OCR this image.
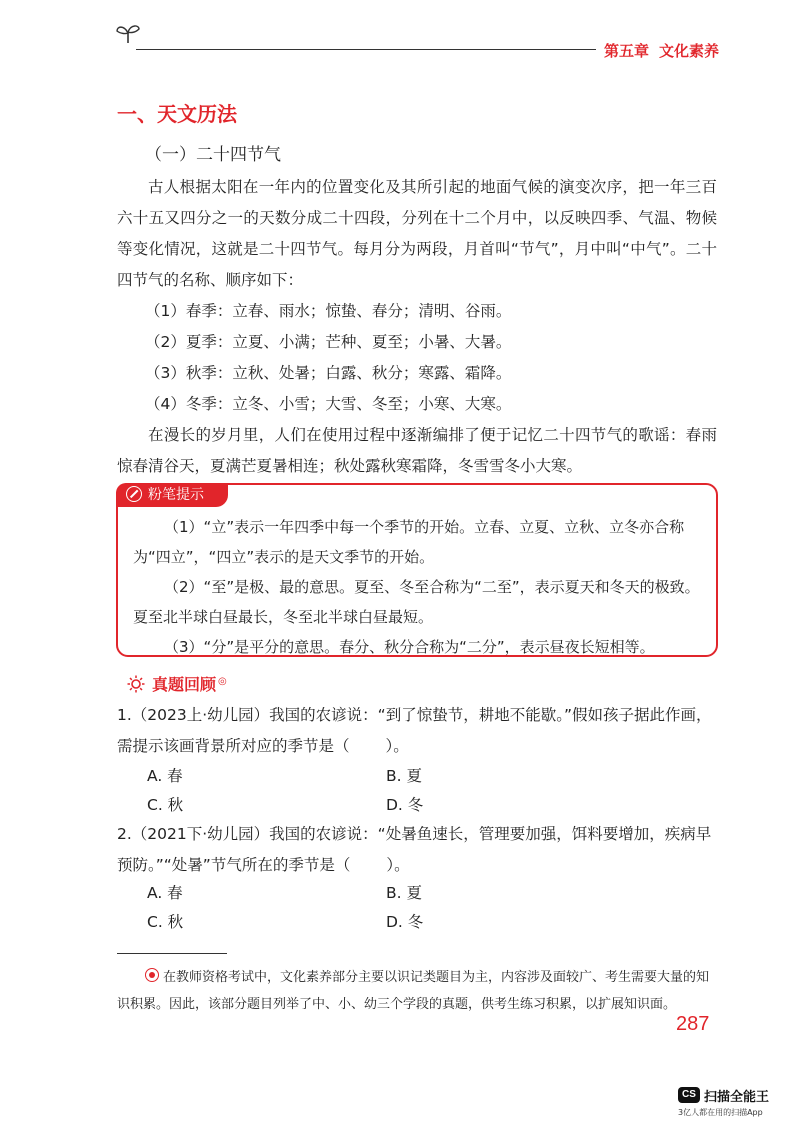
第五章 文化素养
一、天文历法
（一）二十四节气

古人根据太阳在一年内的位置变化及其所引起的地面气候的演变次序，把一年三百六十五又四分之一的天数分成二十四段，分列在十二个月中，以反映四季、气温、物候等变化情况，这就是二十四节气。每月分为两段，月首叫“节气”，月中叫“中气”。二十四节气的名称、顺序如下：

（1）春季：立春、雨水；惊蛰、春分；清明、谷雨。

（2）夏季：立夏、小满；芒种、夏至；小暑、大暑。

（3）秋季：立秋、处暑；白露、秋分；寒露、霜降。

（4）冬季：立冬、小雪；大雪、冬至；小寒、大寒。

在漫长的岁月里，人们在使用过程中逐渐编排了便于记忆二十四节气的歌谣：春雨惊春清谷天，夏满芒夏暑相连；秋处露秋寒霜降，冬雪雪冬小大寒。

粉笔提示

（1）“立”表示一年四季中每一个季节的开始。立春、立夏、立秋、立冬亦合称为“四立”，“四立”表示的是天文季节的开始。

（2）“至”是极、最的意思。夏至、冬至合称为“二至”，表示夏天和冬天的极致。夏至北半球白昼最长，冬至北半球白昼最短。

（3）“分”是平分的意思。春分、秋分合称为“二分”，表示昼夜长短相等。

真题回顾 ◎

1.（2023上·幼儿园）我国的农谚说：“到了惊蛰节，耕地不能歇。”假如孩子据此作画，需提示该画背景所对应的季节是（ ）。

A. 春	B. 夏
C. 秋	D. 冬

2.（2021下·幼儿园）我国的农谚说：“处暑鱼速长，管理要加强，饵料要增加，疾病早预防。”“处暑”节气所在的季节是（ ）。

A. 春	B. 夏
C. 秋	D. 冬

在教师资格考试中，文化素养部分主要以识记类题目为主，内容涉及面较广、考生需要大量的知识积累。因此，该部分题目列举了中、小、幼三个学段的真题，供考生练习积累，以扩展知识面。

287
CS 扫描全能王
3亿人都在用的扫描App
